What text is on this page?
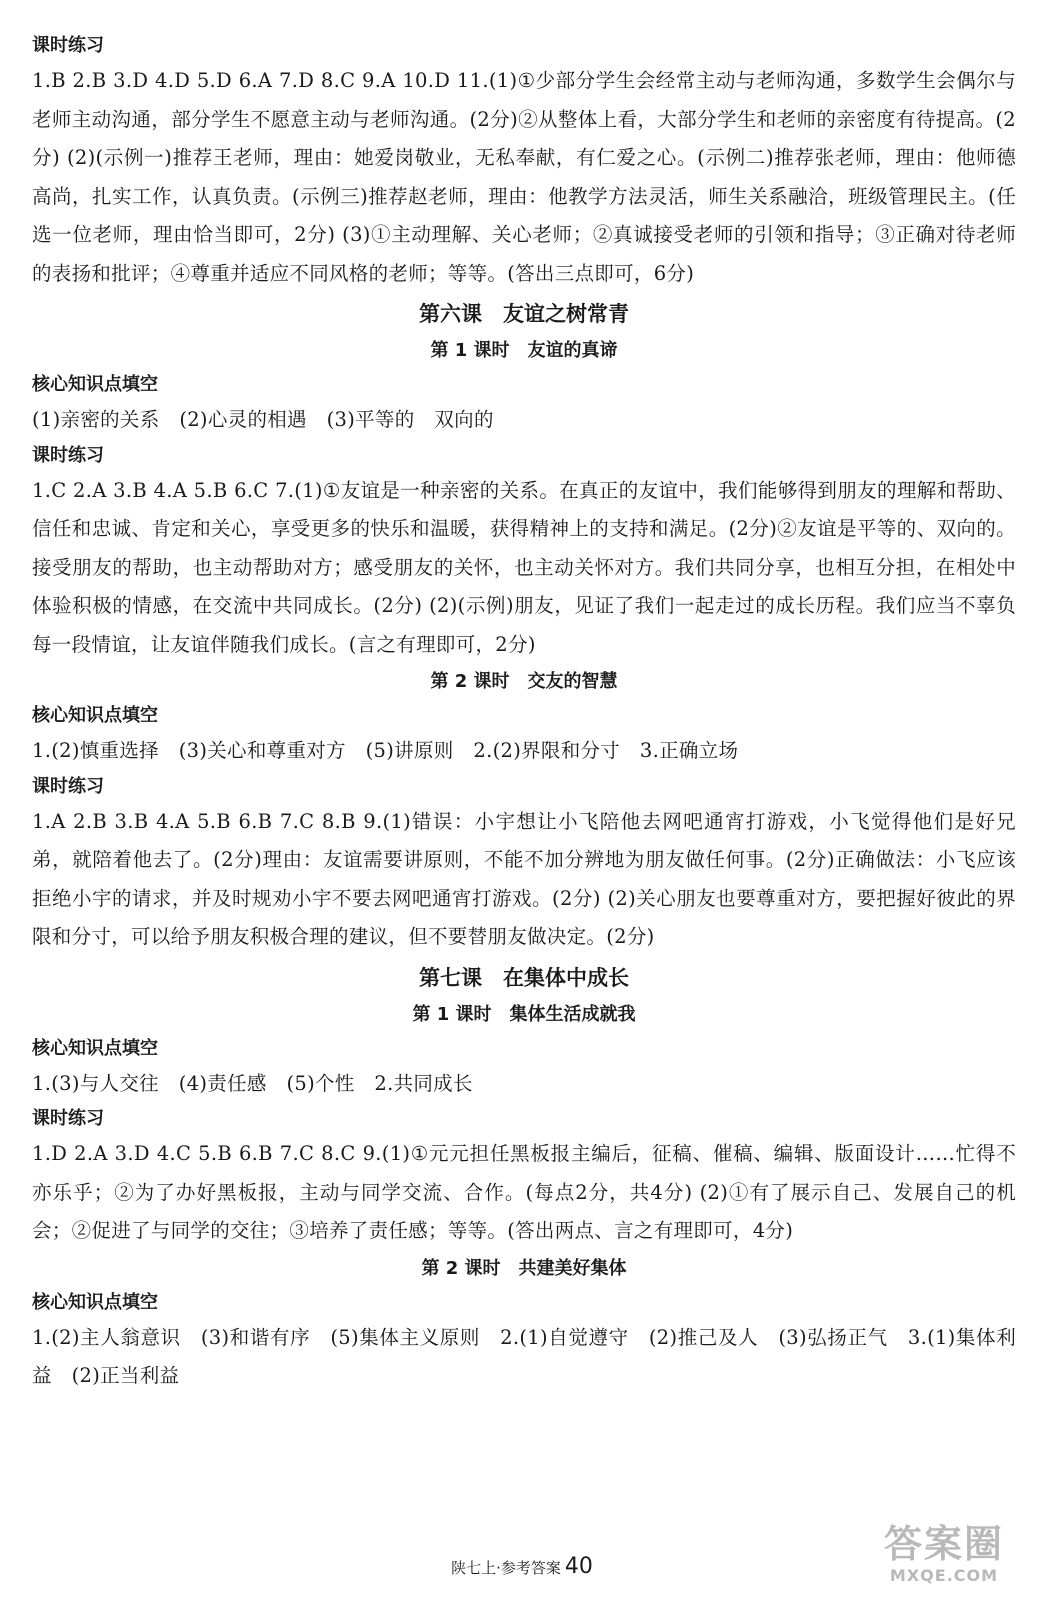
课时练习

1.B 2.B 3.D 4.D 5.D 6.A 7.D 8.C 9.A 10.D 11.(1)①少部分学生会经常主动与老师沟通，多数学生会偶尔与老师主动沟通，部分学生不愿意主动与老师沟通。(2分)②从整体上看，大部分学生和老师的亲密度有待提高。(2分) (2)(示例一)推荐王老师，理由：她爱岗敬业，无私奉献，有仁爱之心。(示例二)推荐张老师，理由：他师德高尚，扎实工作，认真负责。(示例三)推荐赵老师，理由：他教学方法灵活，师生关系融洽，班级管理民主。(任选一位老师，理由恰当即可，2分) (3)①主动理解、关心老师；②真诚接受老师的引领和指导；③正确对待老师的表扬和批评；④尊重并适应不同风格的老师；等等。(答出三点即可，6分)

第六课　友谊之树常青
第 1 课时　友谊的真谛
核心知识点填空

(1)亲密的关系　(2)心灵的相遇　(3)平等的　双向的

课时练习

1.C 2.A 3.B 4.A 5.B 6.C 7.(1)①友谊是一种亲密的关系。在真正的友谊中，我们能够得到朋友的理解和帮助、信任和忠诚、肯定和关心，享受更多的快乐和温暖，获得精神上的支持和满足。(2分)②友谊是平等的、双向的。接受朋友的帮助，也主动帮助对方；感受朋友的关怀，也主动关怀对方。我们共同分享，也相互分担，在相处中体验积极的情感，在交流中共同成长。(2分) (2)(示例)朋友，见证了我们一起走过的成长历程。我们应当不辜负每一段情谊，让友谊伴随我们成长。(言之有理即可，2分)

第 2 课时　交友的智慧
核心知识点填空

1.(2)慎重选择　(3)关心和尊重对方　(5)讲原则　2.(2)界限和分寸　3.正确立场

课时练习

1.A 2.B 3.B 4.A 5.B 6.B 7.C 8.B 9.(1)错误：小宇想让小飞陪他去网吧通宵打游戏，小飞觉得他们是好兄弟，就陪着他去了。(2分)理由：友谊需要讲原则，不能不加分辨地为朋友做任何事。(2分)正确做法：小飞应该拒绝小宇的请求，并及时规劝小宇不要去网吧通宵打游戏。(2分) (2)关心朋友也要尊重对方，要把握好彼此的界限和分寸，可以给予朋友积极合理的建议，但不要替朋友做决定。(2分)

第七课　在集体中成长
第 1 课时　集体生活成就我
核心知识点填空

1.(3)与人交往　(4)责任感　(5)个性　2.共同成长

课时练习

1.D 2.A 3.D 4.C 5.B 6.B 7.C 8.C 9.(1)①元元担任黑板报主编后，征稿、催稿、编辑、版面设计……忙得不亦乐乎；②为了办好黑板报，主动与同学交流、合作。(每点2分，共4分) (2)①有了展示自己、发展自己的机会；②促进了与同学的交往；③培养了责任感；等等。(答出两点、言之有理即可，4分)

第 2 课时　共建美好集体
核心知识点填空

1.(2)主人翁意识　(3)和谐有序　(5)集体主义原则　2.(1)自觉遵守　(2)推己及人　(3)弘扬正气　3.(1)集体利益　(2)正当利益

陕七上·参考答案 40
答案圈
MXQE.COM
